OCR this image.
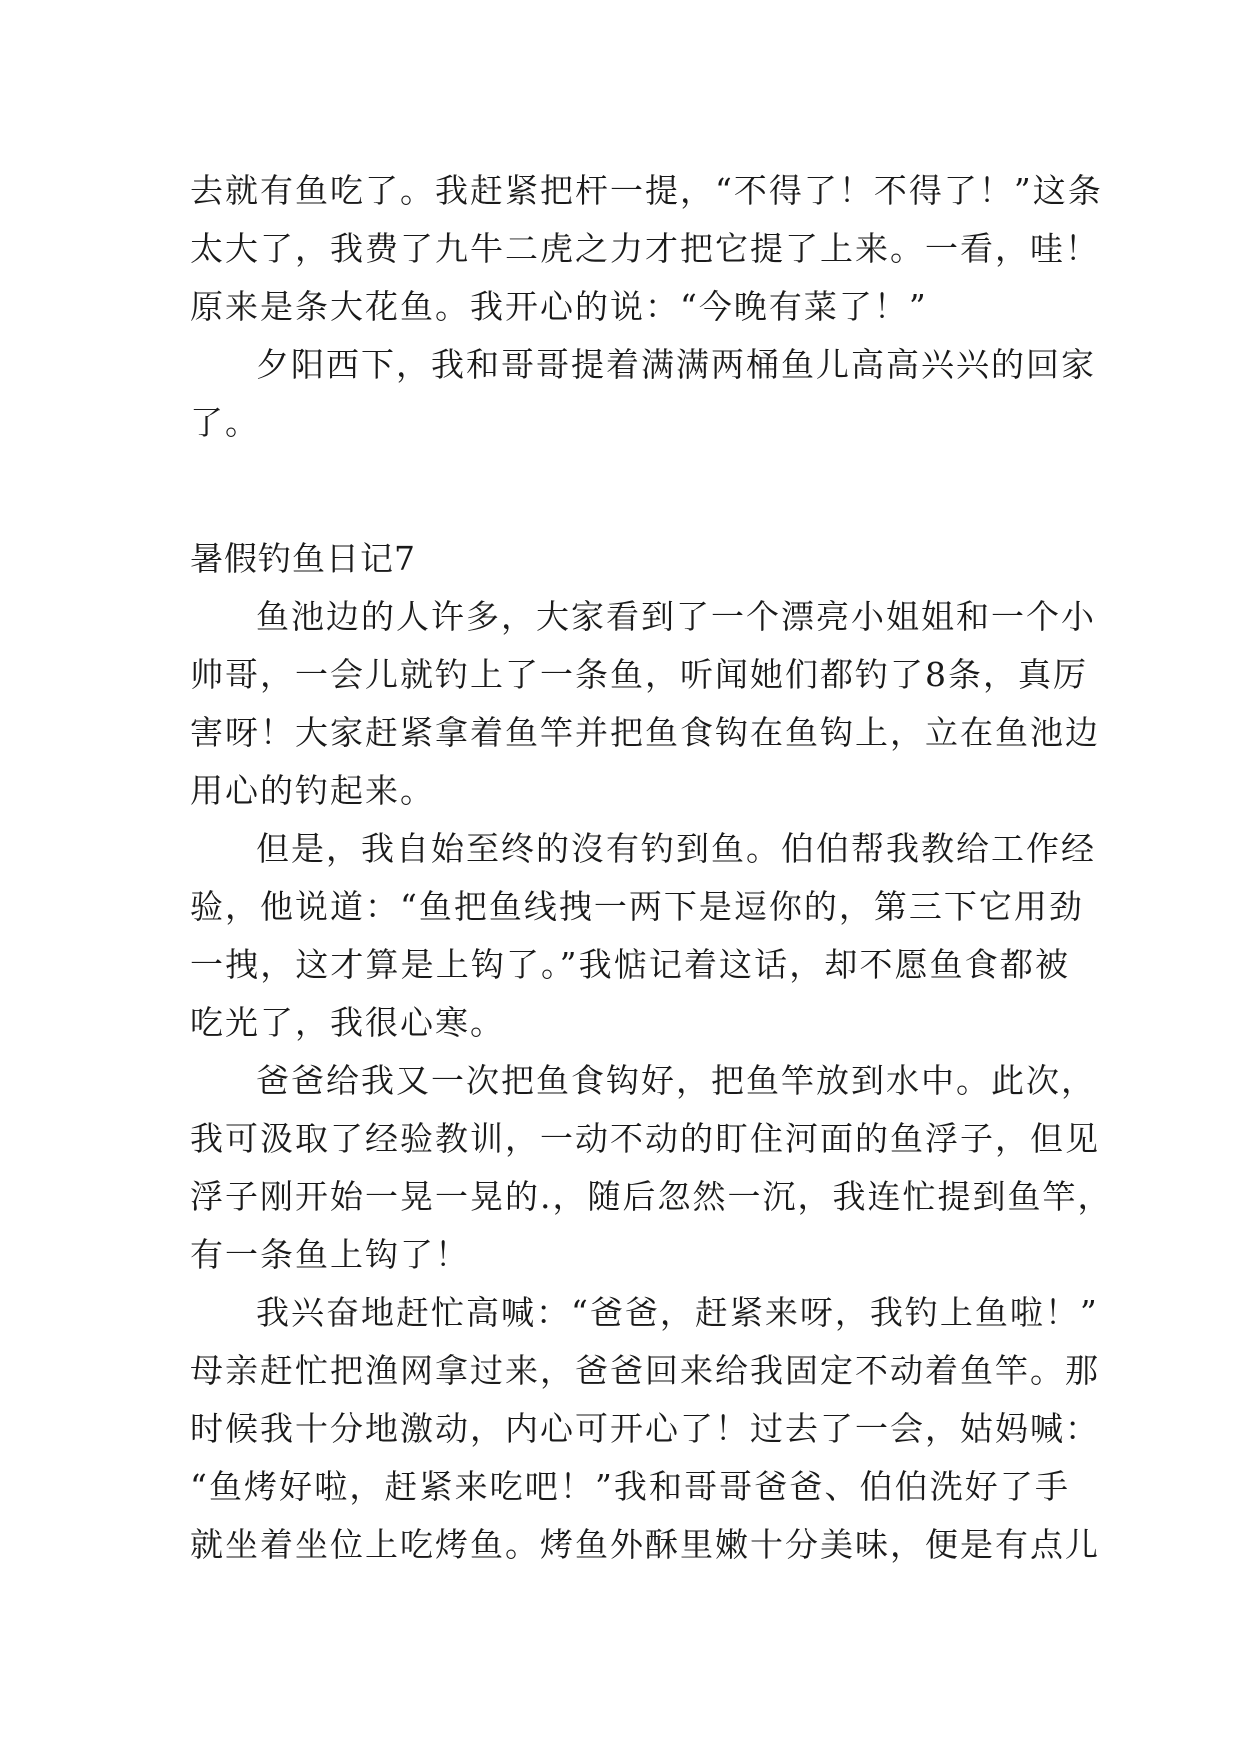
去就有鱼吃了。我赶紧把杆一提，“不得了！不得了！”这条
太大了，我费了九牛二虎之力才把它提了上来。一看，哇！
原来是条大花鱼。我开心的说：“今晚有菜了！”
夕阳西下，我和哥哥提着满满两桶鱼儿高高兴兴的回家
了。
暑假钓鱼日记7
鱼池边的人许多，大家看到了一个漂亮小姐姐和一个小
帅哥，一会儿就钓上了一条鱼，听闻她们都钓了8条，真厉
害呀！大家赶紧拿着鱼竿并把鱼食钩在鱼钩上，立在鱼池边
用心的钓起来。
但是，我自始至终的沒有钓到鱼。伯伯帮我教给工作经
验，他说道：“鱼把鱼线拽一两下是逗你的，第三下它用劲
一拽，这才算是上钩了。”我惦记着这话，却不愿鱼食都被
吃光了，我很心寒。
爸爸给我又一次把鱼食钩好，把鱼竿放到水中。此次，
我可汲取了经验教训，一动不动的盯住河面的鱼浮子，但见
浮子刚开始一晃一晃的.，随后忽然一沉，我连忙提到鱼竿，
有一条鱼上钩了！
我兴奋地赶忙高喊：“爸爸，赶紧来呀，我钓上鱼啦！”
母亲赶忙把渔网拿过来，爸爸回来给我固定不动着鱼竿。那
时候我十分地激动，内心可开心了！过去了一会，姑妈喊：
“鱼烤好啦，赶紧来吃吧！”我和哥哥爸爸、伯伯洗好了手
就坐着坐位上吃烤鱼。烤鱼外酥里嫩十分美味，便是有点儿
